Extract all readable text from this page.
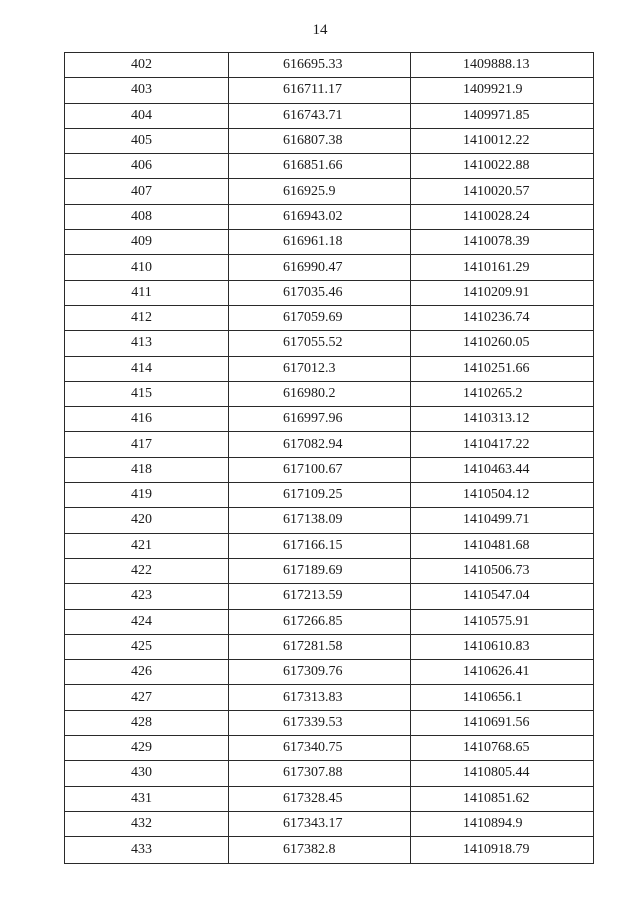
14
402	616695.33	1409888.13
403	616711.17	1409921.9
404	616743.71	1409971.85
405	616807.38	1410012.22
406	616851.66	1410022.88
407	616925.9	1410020.57
408	616943.02	1410028.24
409	616961.18	1410078.39
410	616990.47	1410161.29
411	617035.46	1410209.91
412	617059.69	1410236.74
413	617055.52	1410260.05
414	617012.3	1410251.66
415	616980.2	1410265.2
416	616997.96	1410313.12
417	617082.94	1410417.22
418	617100.67	1410463.44
419	617109.25	1410504.12
420	617138.09	1410499.71
421	617166.15	1410481.68
422	617189.69	1410506.73
423	617213.59	1410547.04
424	617266.85	1410575.91
425	617281.58	1410610.83
426	617309.76	1410626.41
427	617313.83	1410656.1
428	617339.53	1410691.56
429	617340.75	1410768.65
430	617307.88	1410805.44
431	617328.45	1410851.62
432	617343.17	1410894.9
433	617382.8	1410918.79
